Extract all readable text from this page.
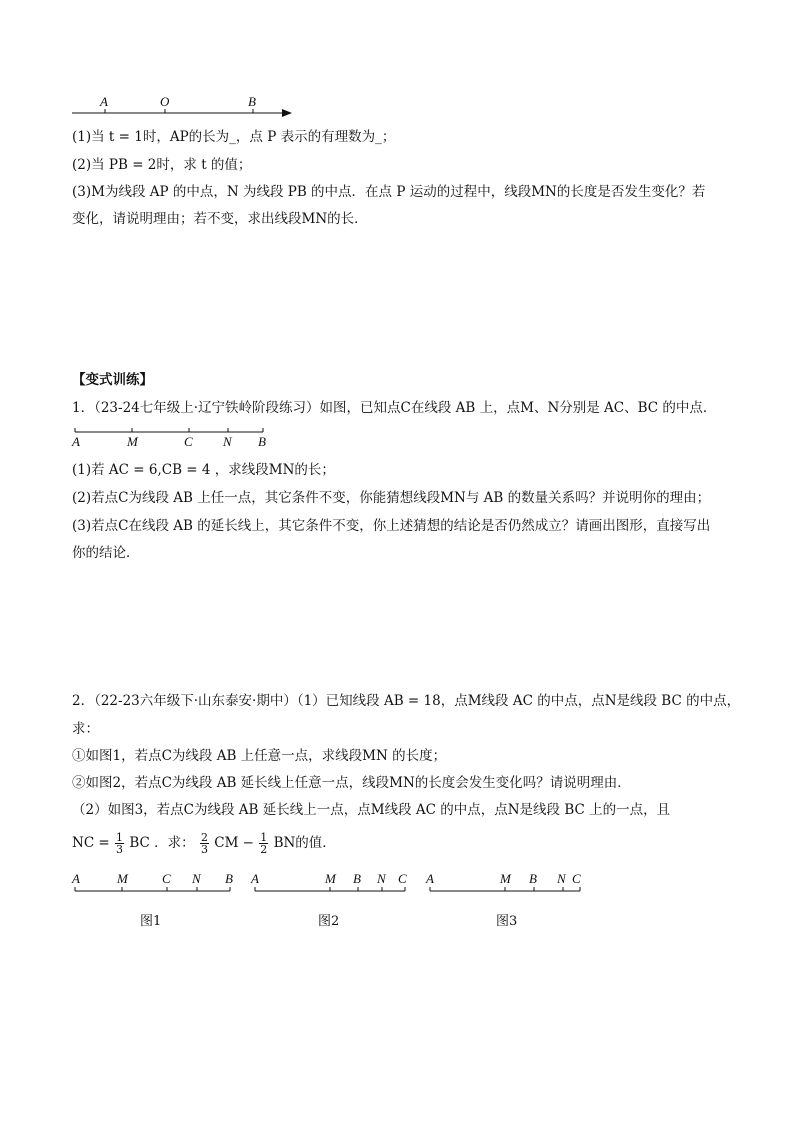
A	O	B
(1)当 t = 1时，AP的长为_，点 P 表示的有理数为_；
(2)当 PB = 2时，求 t 的值；
(3)M为线段 AP 的中点，N 为线段 PB 的中点．在点 P 运动的过程中，线段MN的长度是否发生变化？若
变化，请说明理由；若不变，求出线段MN的长．
【变式训练】
1．（23-24七年级上·辽宁铁岭阶段练习）如图，已知点C在线段 AB 上，点M、N分别是 AC、BC 的中点．
A	M	C N B
(1)若 AC = 6,CB = 4 ，求线段MN的长；
(2)若点C为线段 AB 上任一点，其它条件不变，你能猜想线段MN与 AB 的数量关系吗？并说明你的理由；
(3)若点C在线段 AB 的延长线上，其它条件不变，你上述猜想的结论是否仍然成立？请画出图形，直接写出
你的结论．
2．（22-23六年级下·山东泰安·期中）（1）已知线段 AB = 18，点M线段 AC 的中点，点N是线段 BC 的中点，
求：
①如图1，若点C为线段 AB 上任意一点，求线段MN 的长度；
②如图2，若点C为线段 AB 延长线上任意一点，线段MN的长度会发生变化吗？请说明理由．
（2）如图3，若点C为线段 AB 延长线上一点，点M线段 AC 的中点，点N是线段 BC 上的一点，且
NC = $\frac{1}{3}$ BC ．求： $\frac{2}{3}$ CM − $\frac{1}{2}$ BN的值．
A	M	C N B A	M B N C A	M B N C
图1	图2	图3
